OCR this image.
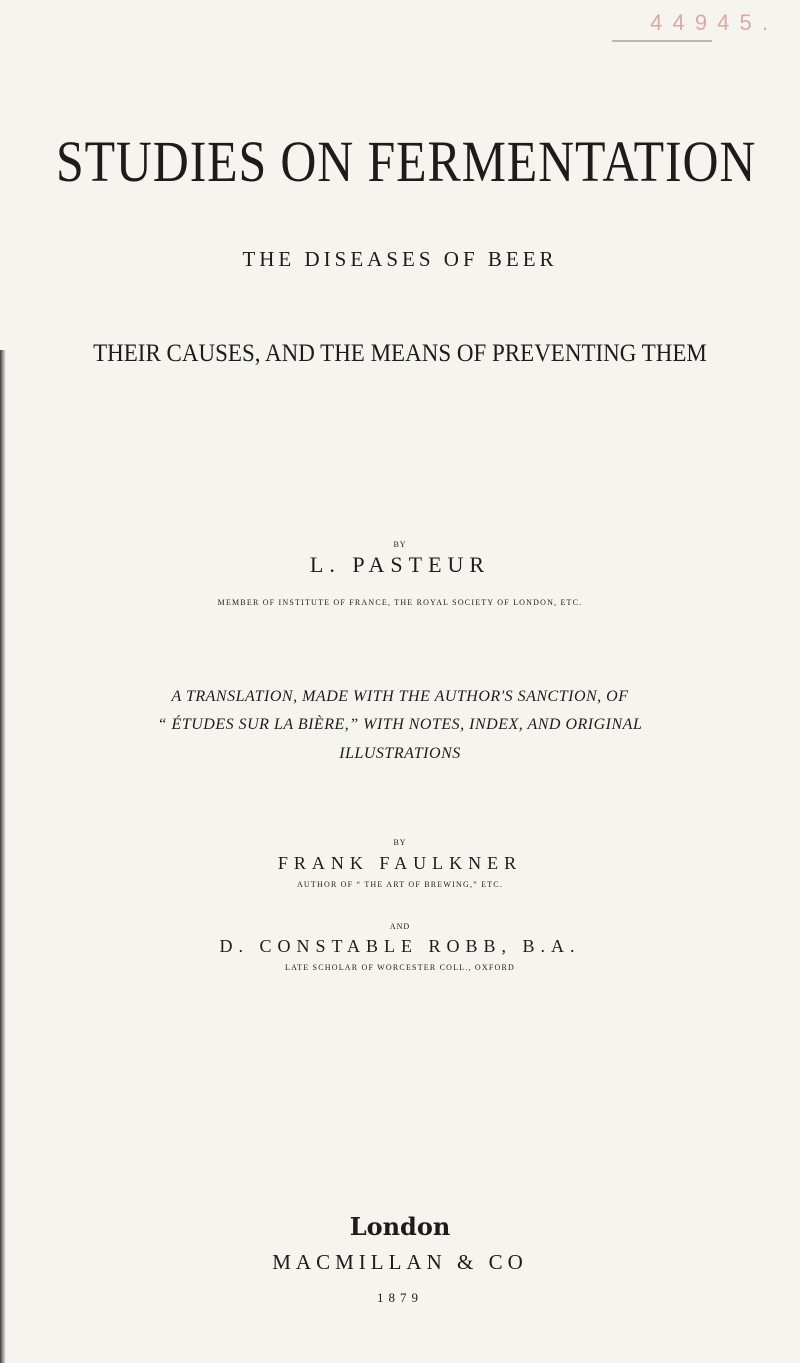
4 4 9 4 5 .
STUDIES ON FERMENTATION
THE DISEASES OF BEER
THEIR CAUSES, AND THE MEANS OF PREVENTING THEM
BY
L. PASTEUR
MEMBER OF INSTITUTE OF FRANCE, THE ROYAL SOCIETY OF LONDON, ETC.
A TRANSLATION, MADE WITH THE AUTHOR'S SANCTION, OF
“ ÉTUDES SUR LA BIÈRE,” WITH NOTES, INDEX, AND ORIGINAL
ILLUSTRATIONS
BY
FRANK FAULKNER
AUTHOR OF “ THE ART OF BREWING,” ETC.
AND
D. CONSTABLE ROBB, B.A.
LATE SCHOLAR OF WORCESTER COLL., OXFORD
London
MACMILLAN & CO
1879
